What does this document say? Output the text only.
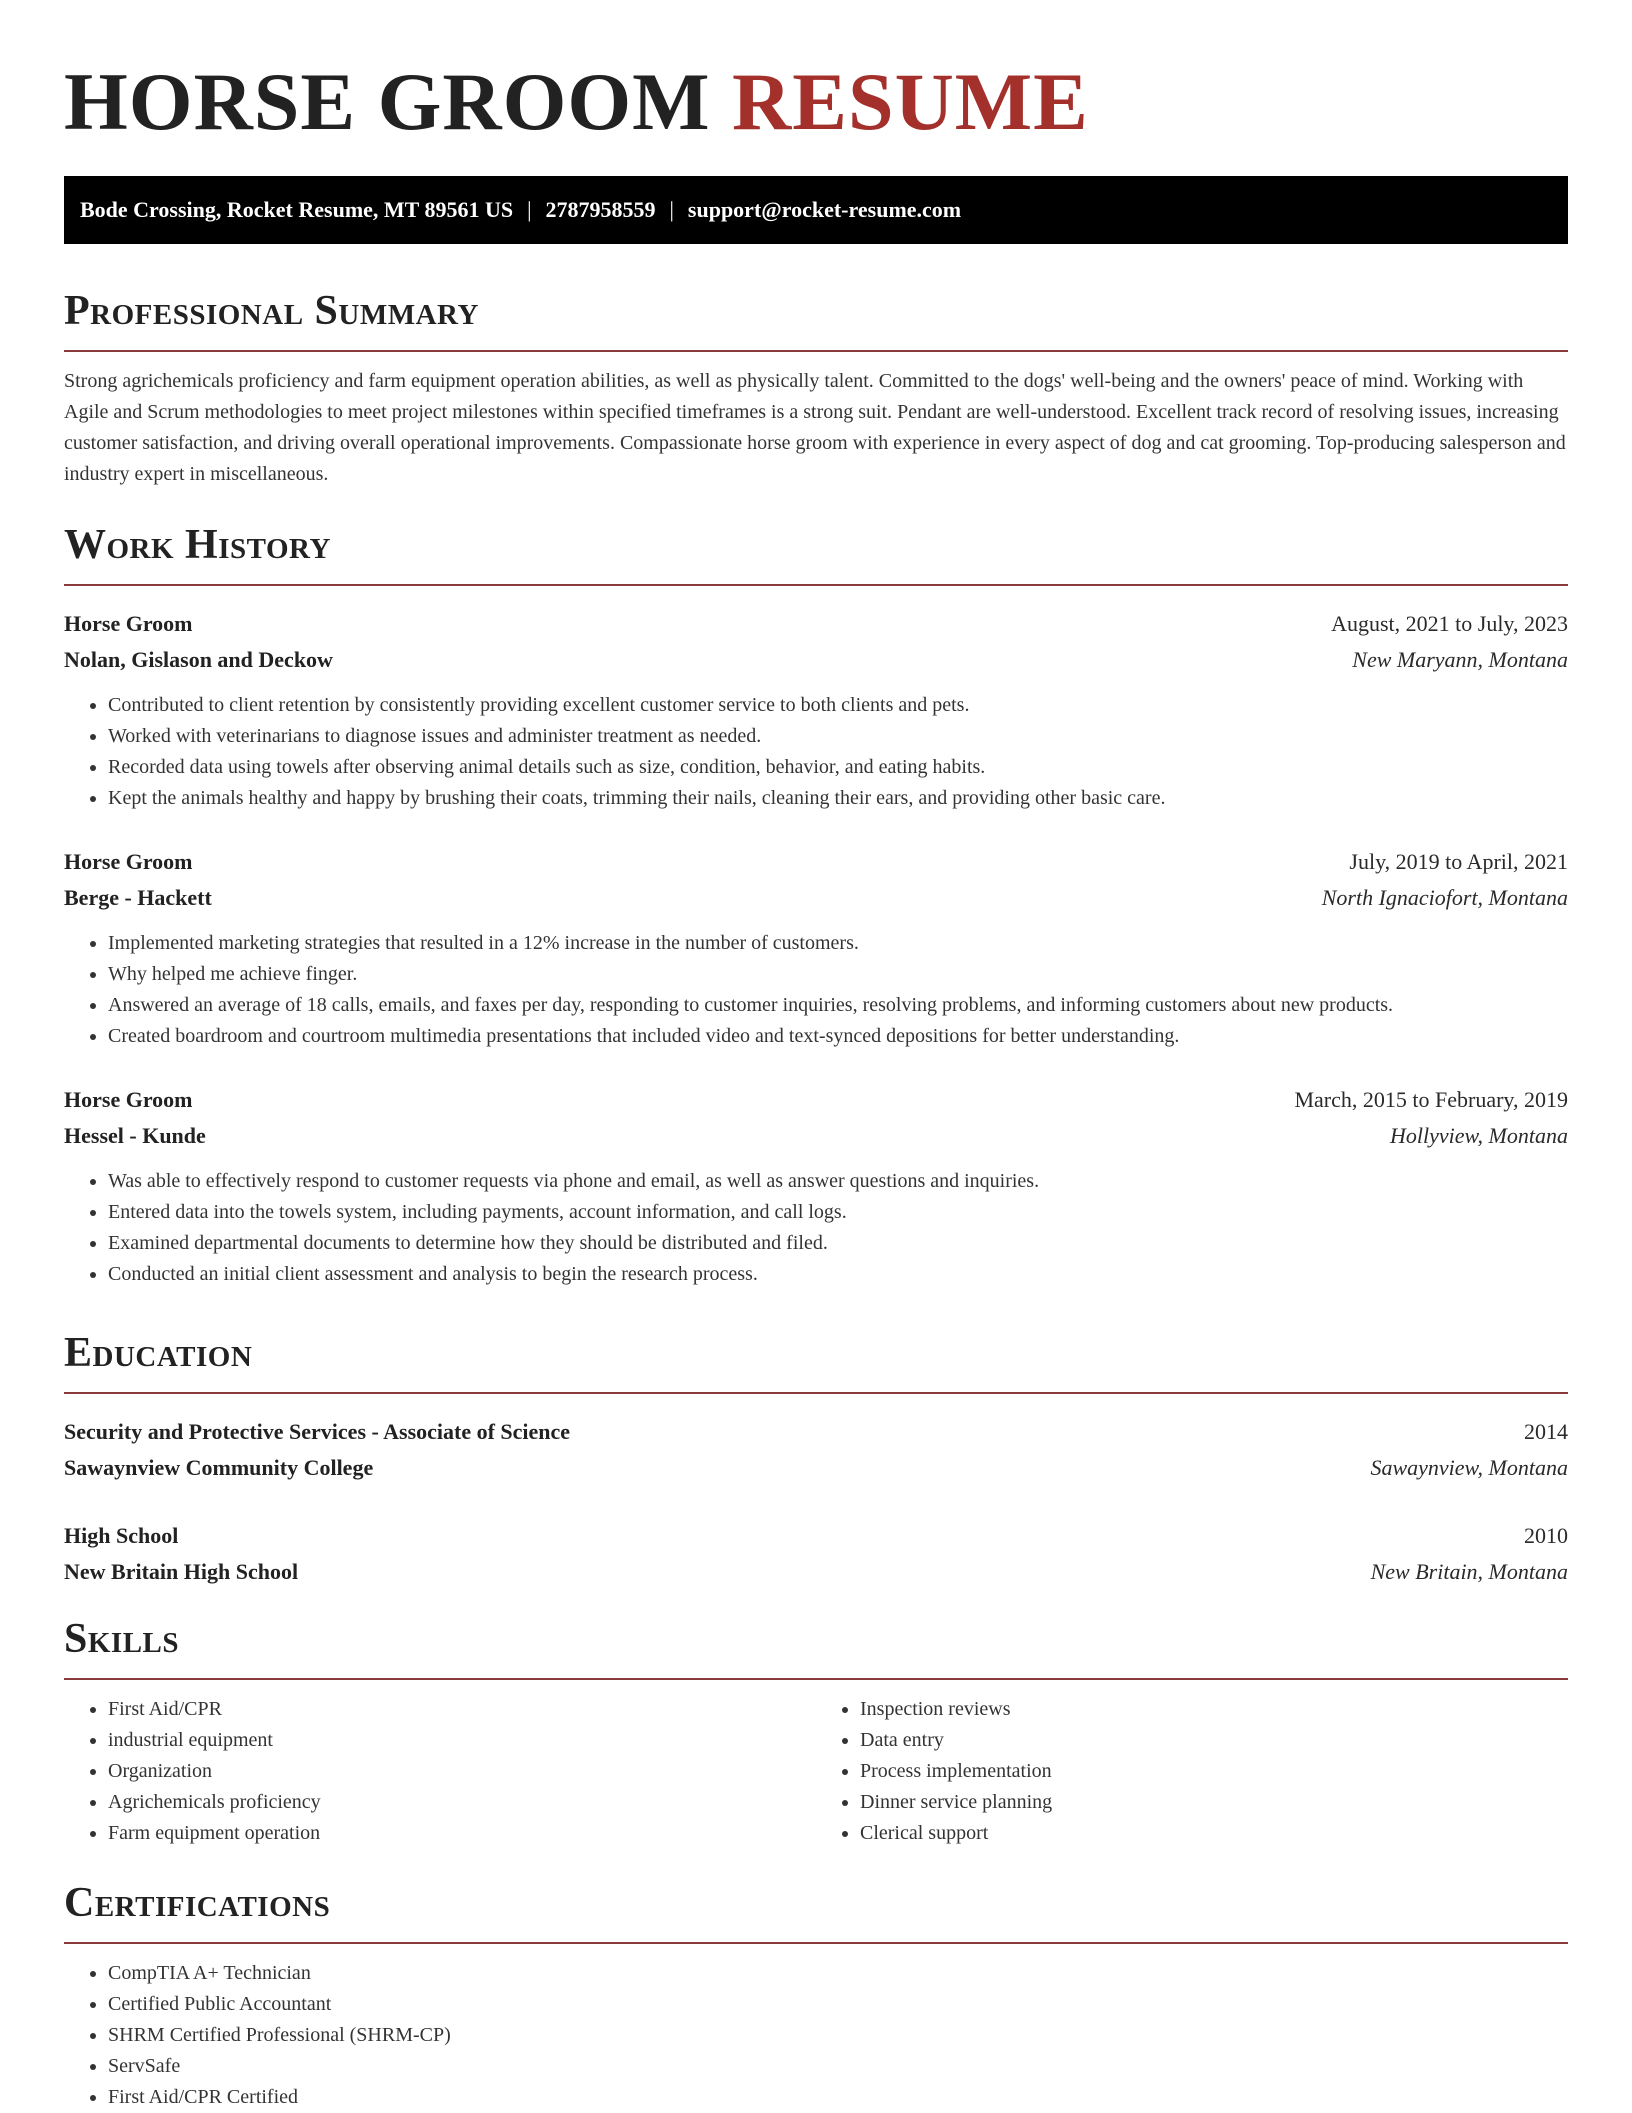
HORSE GROOM RESUME
Bode Crossing, Rocket Resume, MT 89561 US | 2787958559 | support@rocket-resume.com
Professional Summary

Strong agrichemicals proficiency and farm equipment operation abilities, as well as physically talent. Committed to the dogs' well-being and the owners' peace of mind. Working with Agile and Scrum methodologies to meet project milestones within specified timeframes is a strong suit. Pendant are well-understood. Excellent track record of resolving issues, increasing customer satisfaction, and driving overall operational improvements. Compassionate horse groom with experience in every aspect of dog and cat grooming. Top-producing salesperson and industry expert in miscellaneous.

Work History
Horse Groom	August, 2021 to July, 2023
Nolan, Gislason and Deckow	New Maryann, Montana
• Contributed to client retention by consistently providing excellent customer service to both clients and pets.
• Worked with veterinarians to diagnose issues and administer treatment as needed.
• Recorded data using towels after observing animal details such as size, condition, behavior, and eating habits.
• Kept the animals healthy and happy by brushing their coats, trimming their nails, cleaning their ears, and providing other basic care.
Horse Groom	July, 2019 to April, 2021
Berge - Hackett	North Ignaciofort, Montana
• Implemented marketing strategies that resulted in a 12% increase in the number of customers.
• Why helped me achieve finger.
• Answered an average of 18 calls, emails, and faxes per day, responding to customer inquiries, resolving problems, and informing customers about new products.
• Created boardroom and courtroom multimedia presentations that included video and text-synced depositions for better understanding.
Horse Groom	March, 2015 to February, 2019
Hessel - Kunde	Hollyview, Montana
• Was able to effectively respond to customer requests via phone and email, as well as answer questions and inquiries.
• Entered data into the towels system, including payments, account information, and call logs.
• Examined departmental documents to determine how they should be distributed and filed.
• Conducted an initial client assessment and analysis to begin the research process.
Education
Security and Protective Services - Associate of Science	2014
Sawaynview Community College	Sawaynview, Montana
High School	2010
New Britain High School	New Britain, Montana
Skills
• First Aid/CPR
• industrial equipment
• Organization
• Agrichemicals proficiency
• Farm equipment operation
• Inspection reviews
• Data entry
• Process implementation
• Dinner service planning
• Clerical support
Certifications
• CompTIA A+ Technician
• Certified Public Accountant
• SHRM Certified Professional (SHRM-CP)
• ServSafe
• First Aid/CPR Certified
